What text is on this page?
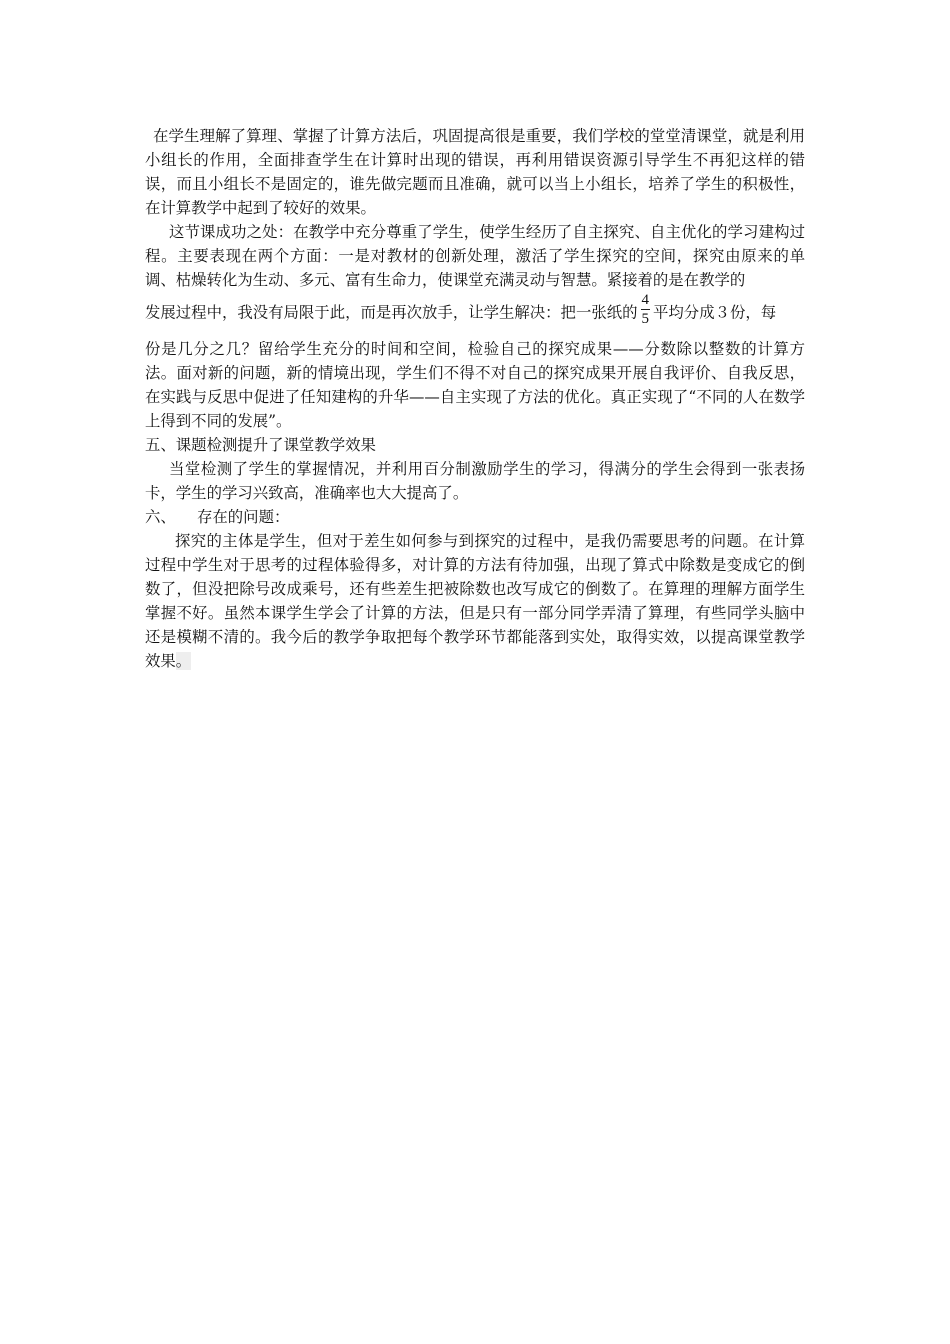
在学生理解了算理、掌握了计算方法后，巩固提高很是重要，我们学校的堂堂清课堂，就是利用小组长的作用，全面排查学生在计算时出现的错误，再利用错误资源引导学生不再犯这样的错误，而且小组长不是固定的，谁先做完题而且准确，就可以当上小组长，培养了学生的积极性，在计算教学中起到了较好的效果。

这节课成功之处：在教学中充分尊重了学生，使学生经历了自主探究、自主优化的学习建构过程。主要表现在两个方面：一是对教材的创新处理，激活了学生探究的空间，探究由原来的单调、枯燥转化为生动、多元、富有生命力，使课堂充满灵动与智慧。紧接着的是在教学的

发展过程中，我没有局限于此，而是再次放手，让学生解决：把一张纸的 $\frac{4}{5}$ 平均分成３份，每

份是几分之几？留给学生充分的时间和空间，检验自己的探究成果——分数除以整数的计算方法。面对新的问题，新的情境出现，学生们不得不对自己的探究成果开展自我评价、自我反思，在实践与反思中促进了任知建构的升华——自主实现了方法的优化。真正实现了“不同的人在数学上得到不同的发展”。

五、课题检测提升了课堂教学效果

当堂检测了学生的掌握情况，并利用百分制激励学生的学习，得满分的学生会得到一张表扬卡，学生的学习兴致高，准确率也大大提高了。

六、 存在的问题：

探究的主体是学生，但对于差生如何参与到探究的过程中，是我仍需要思考的问题。在计算过程中学生对于思考的过程体验得多，对计算的方法有待加强，出现了算式中除数是变成它的倒数了，但没把除号改成乘号，还有些差生把被除数也改写成它的倒数了。在算理的理解方面学生掌握不好。虽然本课学生学会了计算的方法，但是只有一部分同学弄清了算理，有些同学头脑中还是模糊不清的。我今后的教学争取把每个教学环节都能落到实处，取得实效，以提高课堂教学效果。
